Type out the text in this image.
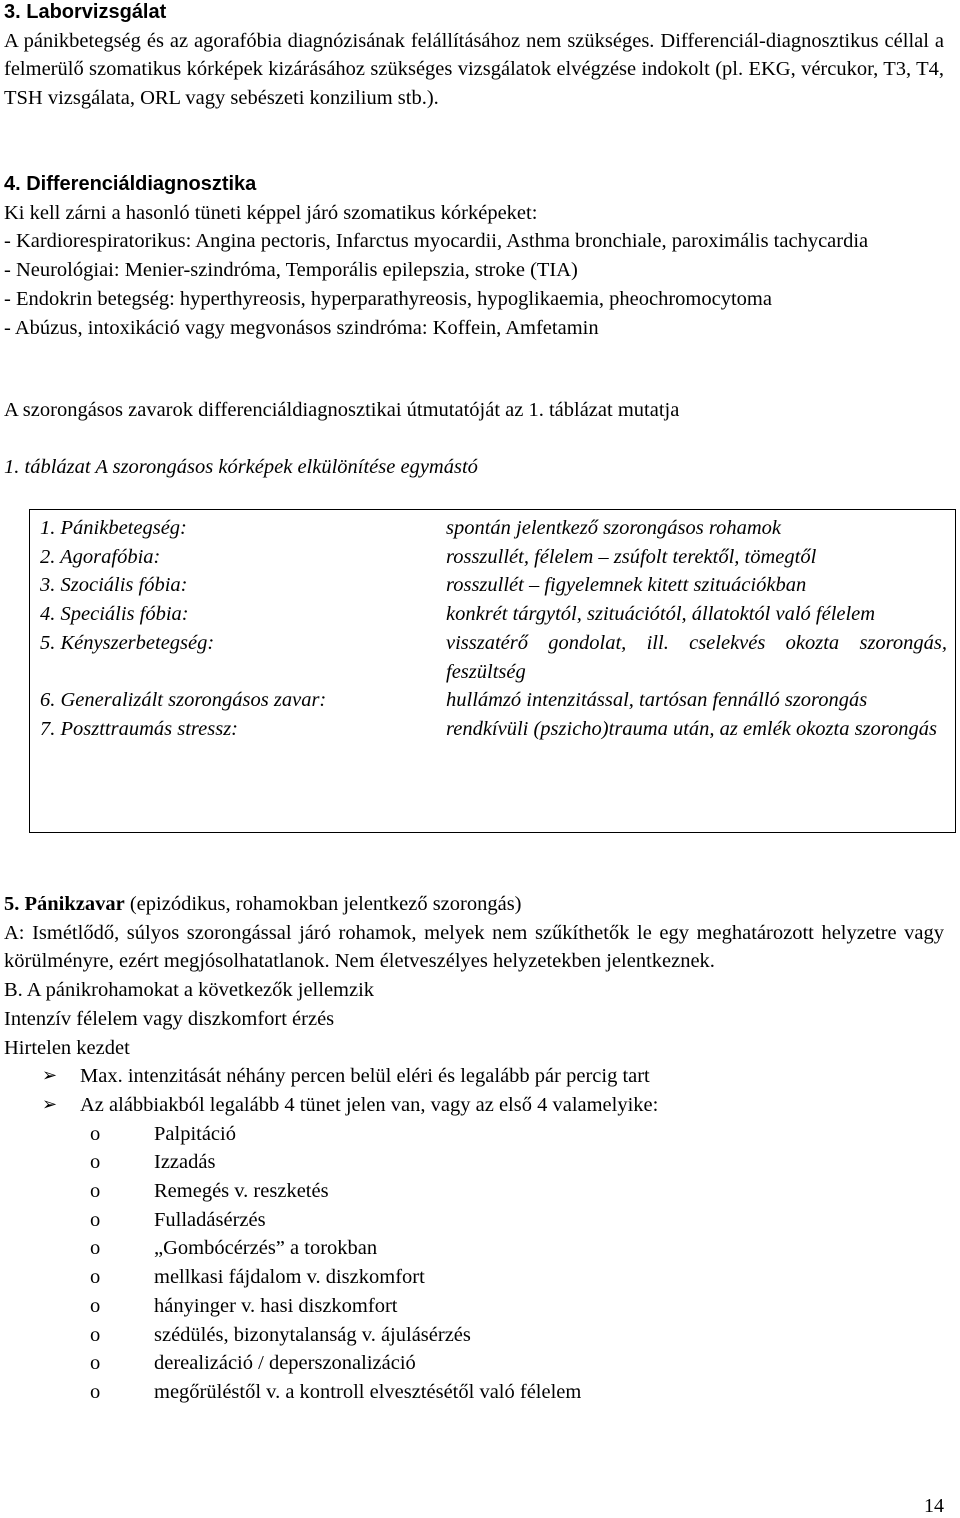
3. Laborvizsgálat

A pánikbetegség és az agorafóbia diagnózisának felállításához nem szükséges. Differenciál-diagnosztikus céllal a felmerülő szomatikus kórképek kizárásához szükséges vizsgálatok elvégzése indokolt (pl. EKG, vércukor, T3, T4, TSH vizsgálata, ORL vagy sebészeti konzilium stb.).

4. Differenciáldiagnosztika

Ki kell zárni a hasonló tüneti képpel járó szomatikus kórképeket:

- Kardiorespiratorikus: Angina pectoris, Infarctus myocardii, Asthma bronchiale, paroximális tachycardia

- Neurológiai: Menier-szindróma, Temporális epilepszia, stroke (TIA)

- Endokrin betegség: hyperthyreosis, hyperparathyreosis, hypoglikaemia, pheochromocytoma

- Abúzus, intoxikáció vagy megvonásos szindróma: Koffein, Amfetamin

A szorongásos zavarok differenciáldiagnosztikai útmutatóját az 1. táblázat mutatja

1. táblázat A szorongásos kórképek elkülönítése egymástó
1. Pánikbetegség:	spontán jelentkező szorongásos rohamok
2. Agorafóbia:	rosszullét, félelem – zsúfolt terektől, tömegtől
3. Szociális fóbia:	rosszullét – figyelemnek kitett szituációkban
4. Speciális fóbia:	konkrét tárgytól, szituációtól, állatoktól való félelem
5. Kényszerbetegség:	visszatérő gondolat, ill. cselekvés okozta szorongás, feszültség
6. Generalizált szorongásos zavar:	hullámzó intenzitással, tartósan fennálló szorongás
7. Poszttraumás stressz:	rendkívüli (pszicho)trauma után, az emlék okozta szorongás

5. Pánikzavar (epizódikus, rohamokban jelentkező szorongás)

A: Ismétlődő, súlyos szorongással járó rohamok, melyek nem szűkíthetők le egy meghatározott helyzetre vagy körülményre, ezért megjósolhatatlanok. Nem életveszélyes helyzetekben jelentkeznek.

B. A pánikrohamokat a következők jellemzik

Intenzív félelem vagy diszkomfort érzés

Hirtelen kezdet

➢	Max. intenzitását néhány percen belül eléri és legalább pár percig tart
➢	Az alábbiakból legalább 4 tünet jelen van, vagy az első 4 valamelyike:
o	Palpitáció
o	Izzadás
o	Remegés v. reszketés
o	Fulladásérzés
o	„Gombócérzés” a torokban
o	mellkasi fájdalom v. diszkomfort
o	hányinger v. hasi diszkomfort
o	szédülés, bizonytalanság v. ájulásérzés
o	derealizáció / deperszonalizáció
o	megőrüléstől v. a kontroll elvesztésétől való félelem
14
